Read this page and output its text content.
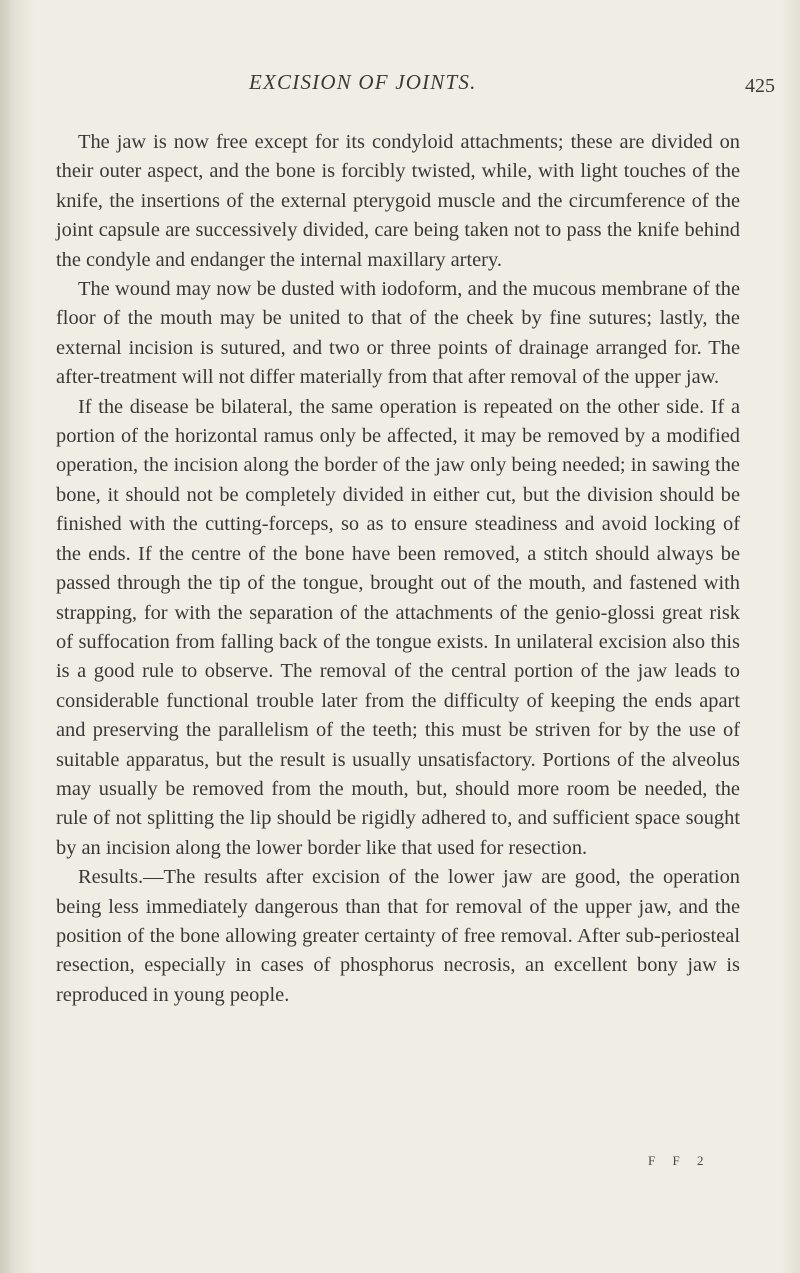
EXCISION OF JOINTS.	425

The jaw is now free except for its condyloid attachments; these are divided on their outer aspect, and the bone is forcibly twisted, while, with light touches of the knife, the insertions of the external pterygoid muscle and the circumference of the joint capsule are successively divided, care being taken not to pass the knife behind the condyle and endanger the internal maxillary artery.

The wound may now be dusted with iodoform, and the mucous membrane of the floor of the mouth may be united to that of the cheek by fine sutures; lastly, the external incision is sutured, and two or three points of drainage arranged for. The after-treatment will not differ materially from that after removal of the upper jaw.

If the disease be bilateral, the same operation is repeated on the other side. If a portion of the horizontal ramus only be affected, it may be removed by a modified operation, the incision along the border of the jaw only being needed; in sawing the bone, it should not be completely divided in either cut, but the division should be finished with the cutting-forceps, so as to ensure steadiness and avoid locking of the ends. If the centre of the bone have been removed, a stitch should always be passed through the tip of the tongue, brought out of the mouth, and fastened with strapping, for with the separation of the attachments of the genio-glossi great risk of suffocation from falling back of the tongue exists. In unilateral excision also this is a good rule to observe. The removal of the central portion of the jaw leads to considerable functional trouble later from the difficulty of keeping the ends apart and preserving the parallelism of the teeth; this must be striven for by the use of suitable apparatus, but the result is usually unsatisfactory. Portions of the alveolus may usually be removed from the mouth, but, should more room be needed, the rule of not splitting the lip should be rigidly adhered to, and sufficient space sought by an incision along the lower border like that used for resection.

Results.—The results after excision of the lower jaw are good, the operation being less immediately dangerous than that for removal of the upper jaw, and the position of the bone allowing greater certainty of free removal. After sub-periosteal resection, especially in cases of phosphorus necrosis, an excellent bony jaw is reproduced in young people.

F F 2
